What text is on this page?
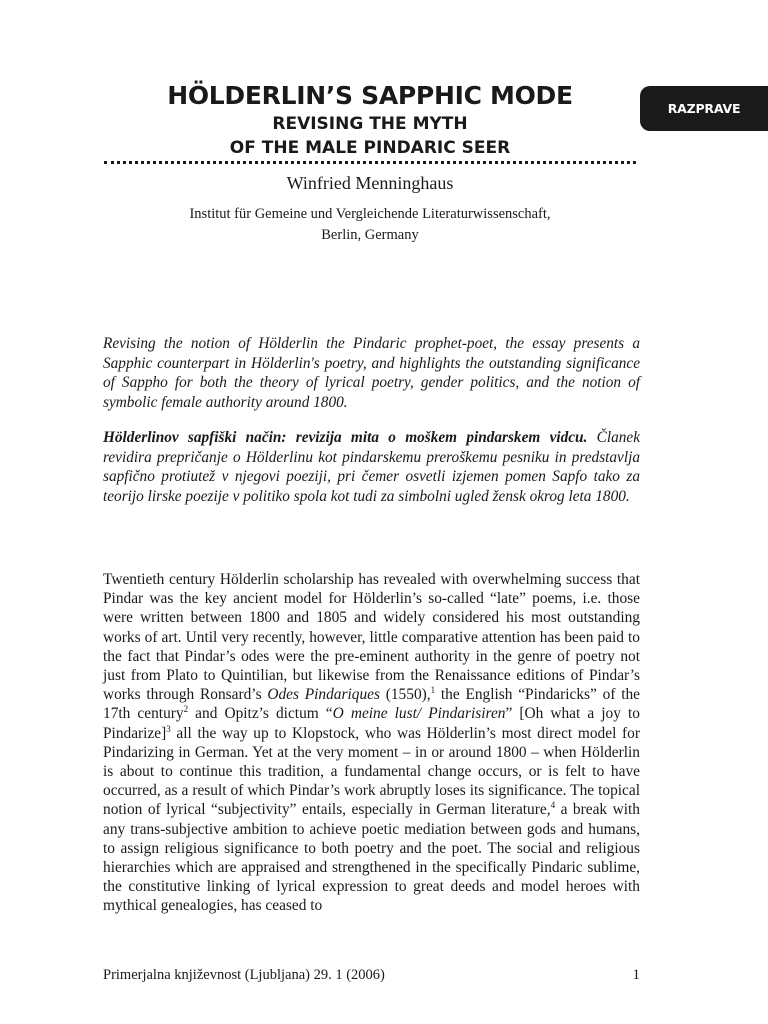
HÖLDERLIN’S SAPPHIC MODE
REVISING THE MYTH
OF THE MALE PINDARIC SEER
RAZPRAVE
Winfried Menninghaus
Institut für Gemeine und Vergleichende Literaturwissenschaft,
Berlin, Germany

Revising the notion of Hölderlin the Pindaric prophet-poet, the essay presents a Sapphic counterpart in Hölderlin's poetry, and highlights the outstanding significance of Sappho for both the theory of lyrical poetry, gender politics, and the notion of symbolic female authority around 1800.

Hölderlinov sapfiški način: revizija mita o moškem pindarskem vidcu. Članek revidira prepričanje o Hölderlinu kot pindarskemu preroškemu pesniku in predstavlja sapfično protiutež v njegovi poeziji, pri čemer osvetli izjemen pomen Sapfo tako za teorijo lirske poezije v politiko spola kot tudi za simbolni ugled žensk okrog leta 1800.

Twentieth century Hölderlin scholarship has revealed with overwhelming success that Pindar was the key ancient model for Hölderlin’s so-called “late” poems, i.e. those were written between 1800 and 1805 and widely considered his most outstanding works of art. Until very recently, however, little comparative attention has been paid to the fact that Pindar’s odes were the pre-eminent authority in the genre of poetry not just from Plato to Quintilian, but likewise from the Renaissance editions of Pindar’s works through Ronsard’s Odes Pindariques (1550),$^1$ the English “Pindaricks” of the 17th century$^2$ and Opitz’s dictum “O meine lust/ Pindarisiren” [Oh what a joy to Pindarize]$^3$ all the way up to Klopstock, who was Hölderlin’s most direct model for Pindarizing in German. Yet at the very moment – in or around 1800 – when Hölderlin is about to continue this tradition, a fundamental change occurs, or is felt to have occurred, as a result of which Pindar’s work abruptly loses its significance. The topical notion of lyrical “subjectivity” entails, especially in German literature,$^4$ a break with any trans-subjective ambition to achieve poetic mediation between gods and humans, to assign religious significance to both poetry and the poet. The social and religious hierarchies which are appraised and strengthened in the specifically Pindaric sublime, the constitutive linking of lyrical expression to great deeds and model heroes with mythical genealogies, has ceased to

Primerjalna književnost (Ljubljana) 29. 1 (2006)	1
